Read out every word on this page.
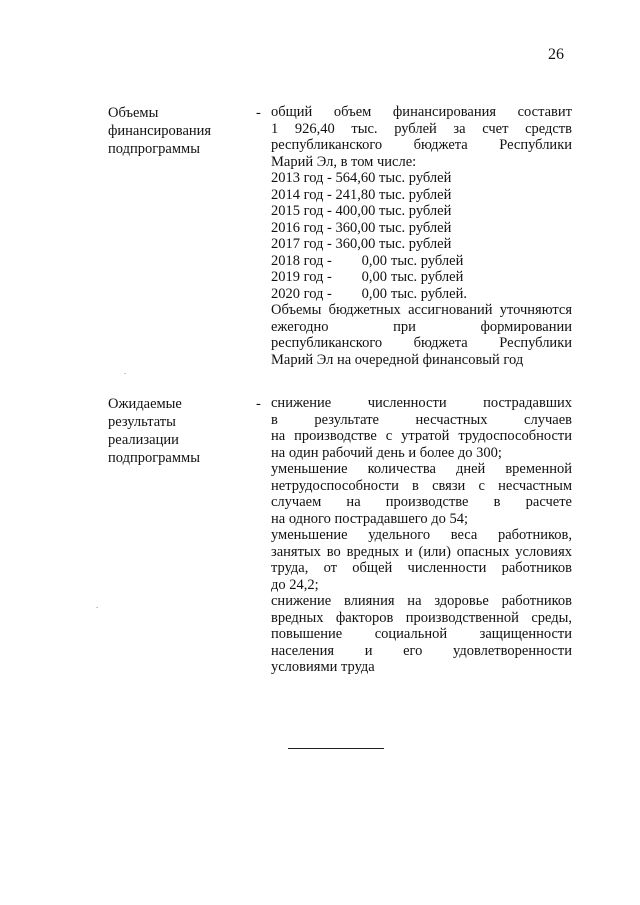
26
Объемы
финансирования
подпрограммы
- общий объем финансирования составит
1 926,40 тыс. рублей за счет средств
республиканского бюджета Республики
Марий Эл, в том числе:
2013 год - 564,60 тыс. рублей
2014 год - 241,80 тыс. рублей
2015 год - 400,00 тыс. рублей
2016 год - 360,00 тыс. рублей
2017 год - 360,00 тыс. рублей
2018 год -	0,00 тыс. рублей
2019 год -	0,00 тыс. рублей
2020 год -	0,00 тыс. рублей.
Объемы бюджетных ассигнований уточняются
ежегодно при формировании
республиканского бюджета Республики
Марий Эл на очередной финансовый год
Ожидаемые
результаты
реализации
подпрограммы
- снижение численности пострадавших
в результате несчастных случаев
на производстве с утратой трудоспособности
на один рабочий день и более до 300;
уменьшение количества дней временной
нетрудоспособности в связи с несчастным
случаем на производстве в расчете
на одного пострадавшего до 54;
уменьшение удельного веса работников,
занятых во вредных и (или) опасных условиях
труда, от общей численности работников
до 24,2;
снижение влияния на здоровье работников
вредных факторов производственной среды,
повышение социальной защищенности
населения и его удовлетворенности
условиями труда
.
.
